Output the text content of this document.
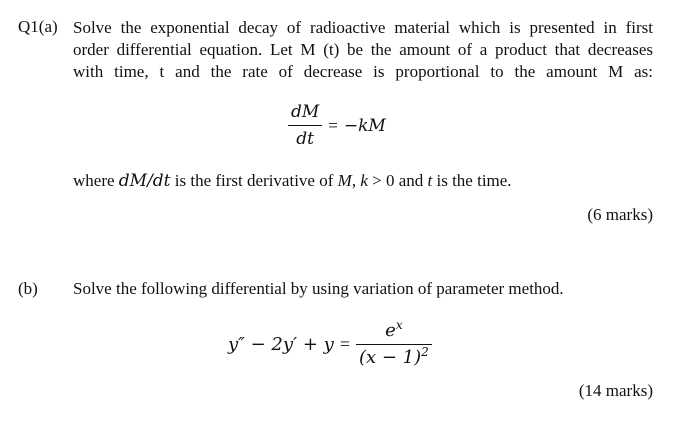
Q1(a) Solve the exponential decay of radioactive material which is presented in first
order differential equation. Let M (t) be the amount of a product that decreases
with time, t and the rate of decrease is proportional to the amount M as:
$\frac{dM}{dt} = -kM$
where dM/dt is the first derivative of M, k > 0 and t is the time.
(6 marks)
(b) Solve the following differential by using variation of parameter method.
$y'' - 2y' + y = \frac{e^x}{(x - 1)^2}$
(14 marks)
